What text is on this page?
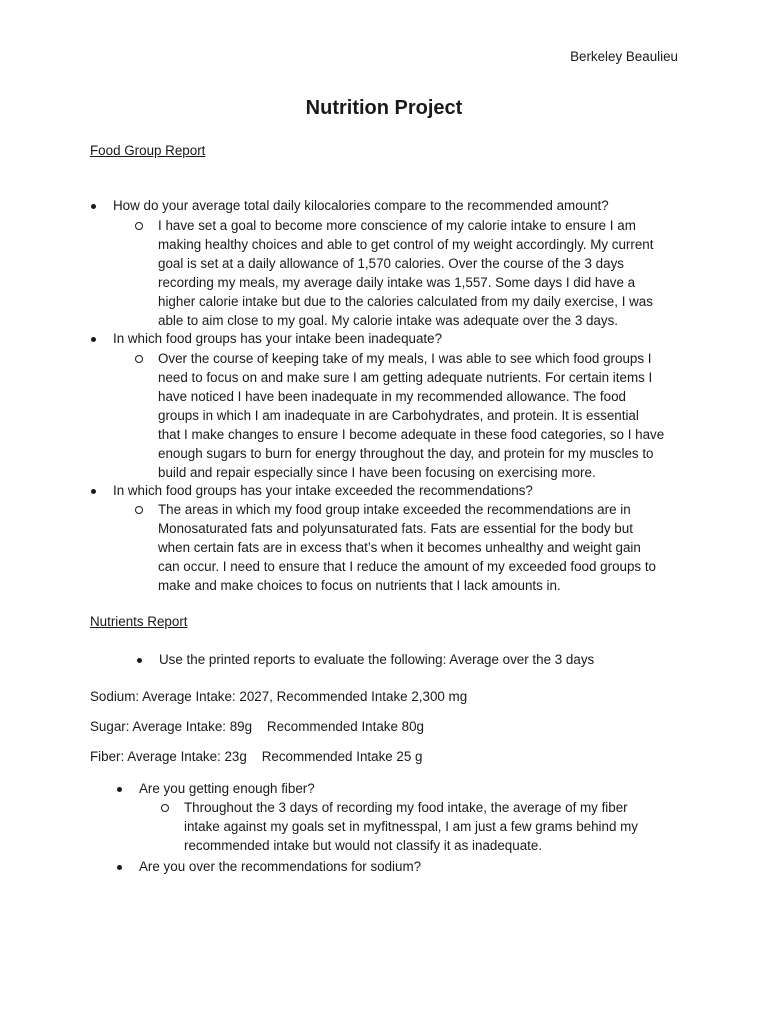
Berkeley Beaulieu
Nutrition Project
Food Group Report
How do your average total daily kilocalories compare to the recommended amount?
I have set a goal to become more conscience of my calorie intake to ensure I am
making healthy choices and able to get control of my weight accordingly. My current
goal is set at a daily allowance of 1,570 calories. Over the course of the 3 days
recording my meals, my average daily intake was 1,557. Some days I did have a
higher calorie intake but due to the calories calculated from my daily exercise, I was
able to aim close to my goal. My calorie intake was adequate over the 3 days.
In which food groups has your intake been inadequate?
Over the course of keeping take of my meals, I was able to see which food groups I
need to focus on and make sure I am getting adequate nutrients. For certain items I
have noticed I have been inadequate in my recommended allowance. The food
groups in which I am inadequate in are Carbohydrates, and protein. It is essential
that I make changes to ensure I become adequate in these food categories, so I have
enough sugars to burn for energy throughout the day, and protein for my muscles to
build and repair especially since I have been focusing on exercising more.
In which food groups has your intake exceeded the recommendations?
The areas in which my food group intake exceeded the recommendations are in
Monosaturated fats and polyunsaturated fats. Fats are essential for the body but
when certain fats are in excess that’s when it becomes unhealthy and weight gain
can occur. I need to ensure that I reduce the amount of my exceeded food groups to
make and make choices to focus on nutrients that I lack amounts in.
Nutrients Report
Use the printed reports to evaluate the following: Average over the 3 days
Sodium: Average Intake: 2027, Recommended Intake 2,300 mg
Sugar: Average Intake: 89g    Recommended Intake 80g
Fiber: Average Intake: 23g    Recommended Intake 25 g
Are you getting enough fiber?
Throughout the 3 days of recording my food intake, the average of my fiber
intake against my goals set in myfitnesspal, I am just a few grams behind my
recommended intake but would not classify it as inadequate.
Are you over the recommendations for sodium?
